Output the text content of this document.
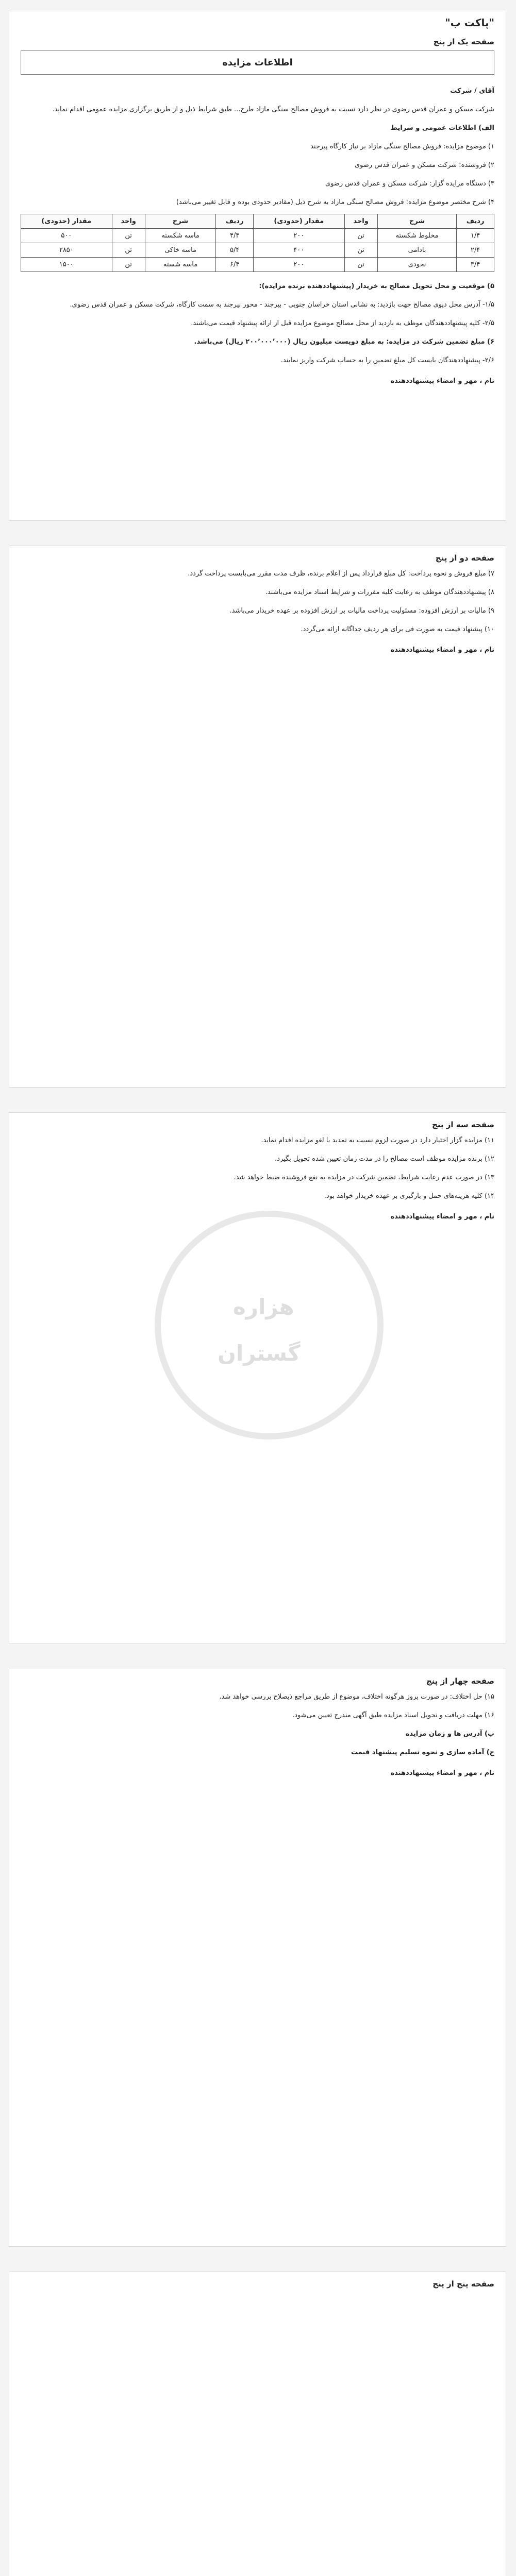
"پاکت ب"
صفحه یک از پنج
اطلاعات مزایده
آقای / شرکت
شرکت مسکن و عمران قدس رضوی در نظر دارد نسبت به فروش مصالح سنگی مازاد طرح... طبق شرایط ذیل و از طریق برگزاری مزایده عمومی اقدام نماید.
الف) اطلاعات عمومی و شرایط
۱) موضوع مزایده: فروش مصالح سنگی مازاد بر نیاز کارگاه پیرجند
۲) فروشنده: شرکت مسکن و عمران قدس رضوی
۳) دستگاه مزایده گزار: شرکت مسکن و عمران قدس رضوی
۴) شرح مختصر موضوع مزایده: فروش مصالح سنگی مازاد به شرح ذیل (مقادیر حدودی بوده و قابل تغییر می‌باشد)
ردیف	شرح	واحد	مقدار (حدودی)	ردیف	شرح	واحد	مقدار (حدودی)
۱/۴	مخلوط شکسته	تن	۲۰۰	۴/۴	ماسه شکسته	تن	۵۰۰
۲/۴	بادامی	تن	۴۰۰	۵/۴	ماسه خاکی	تن	۲۸۵۰
۳/۴	نخودی	تن	۲۰۰	۶/۴	ماسه شسته	تن	۱۵۰۰
۵) موقعیت و محل تحویل مصالح به خریدار (پیشنهاددهنده برنده مزایده):
۱/۵- آدرس محل دپوی مصالح جهت بازدید: به نشانی استان خراسان جنوبی - بیرجند - محور بیرجند به سمت کارگاه، شرکت مسکن و عمران قدس رضوی.
۲/۵- کلیه پیشنهاددهندگان موظف به بازدید از محل مصالح موضوع مزایده قبل از ارائه پیشنهاد قیمت می‌باشند.
۶) مبلغ تضمین شرکت در مزایده: به مبلغ دویست میلیون ریال (۲۰۰٬۰۰۰٬۰۰۰ ریال) می‌باشد.
۲/۶- پیشنهاددهندگان بایست کل مبلغ تضمین را به حساب شرکت واریز نمایند.
نام ، مهر و امضاء پیشنهاددهنده
صفحه دو از پنج
۷) مبلغ فروش و نحوه پرداخت: کل مبلغ قرارداد پس از اعلام برنده، ظرف مدت مقرر می‌بایست پرداخت گردد.
۸) پیشنهاددهندگان موظف به رعایت کلیه مقررات و شرایط اسناد مزایده می‌باشند.
۹) مالیات بر ارزش افزوده: مسئولیت پرداخت مالیات بر ارزش افزوده بر عهده خریدار می‌باشد.
۱۰) پیشنهاد قیمت به صورت فی برای هر ردیف جداگانه ارائه می‌گردد.
نام ، مهر و امضاء پیشنهاددهنده
صفحه سه از پنج
۱۱) مزایده گزار اختیار دارد در صورت لزوم نسبت به تمدید یا لغو مزایده اقدام نماید.
۱۲) برنده مزایده موظف است مصالح را در مدت زمان تعیین شده تحویل بگیرد.
۱۳) در صورت عدم رعایت شرایط، تضمین شرکت در مزایده به نفع فروشنده ضبط خواهد شد.
۱۴) کلیه هزینه‌های حمل و بارگیری بر عهده خریدار خواهد بود.
نام ، مهر و امضاء پیشنهاددهنده
صفحه چهار از پنج
۱۵) حل اختلاف: در صورت بروز هرگونه اختلاف، موضوع از طریق مراجع ذیصلاح بررسی خواهد شد.
۱۶) مهلت دریافت و تحویل اسناد مزایده طبق آگهی مندرج تعیین می‌شود.
ب) آدرس ها و زمان مزایده
ج) آماده سازی و نحوه تسلیم پیشنهاد قیمت
نام ، مهر و امضاء پیشنهاددهنده
صفحه پنج از پنج
هزاره
گستران
